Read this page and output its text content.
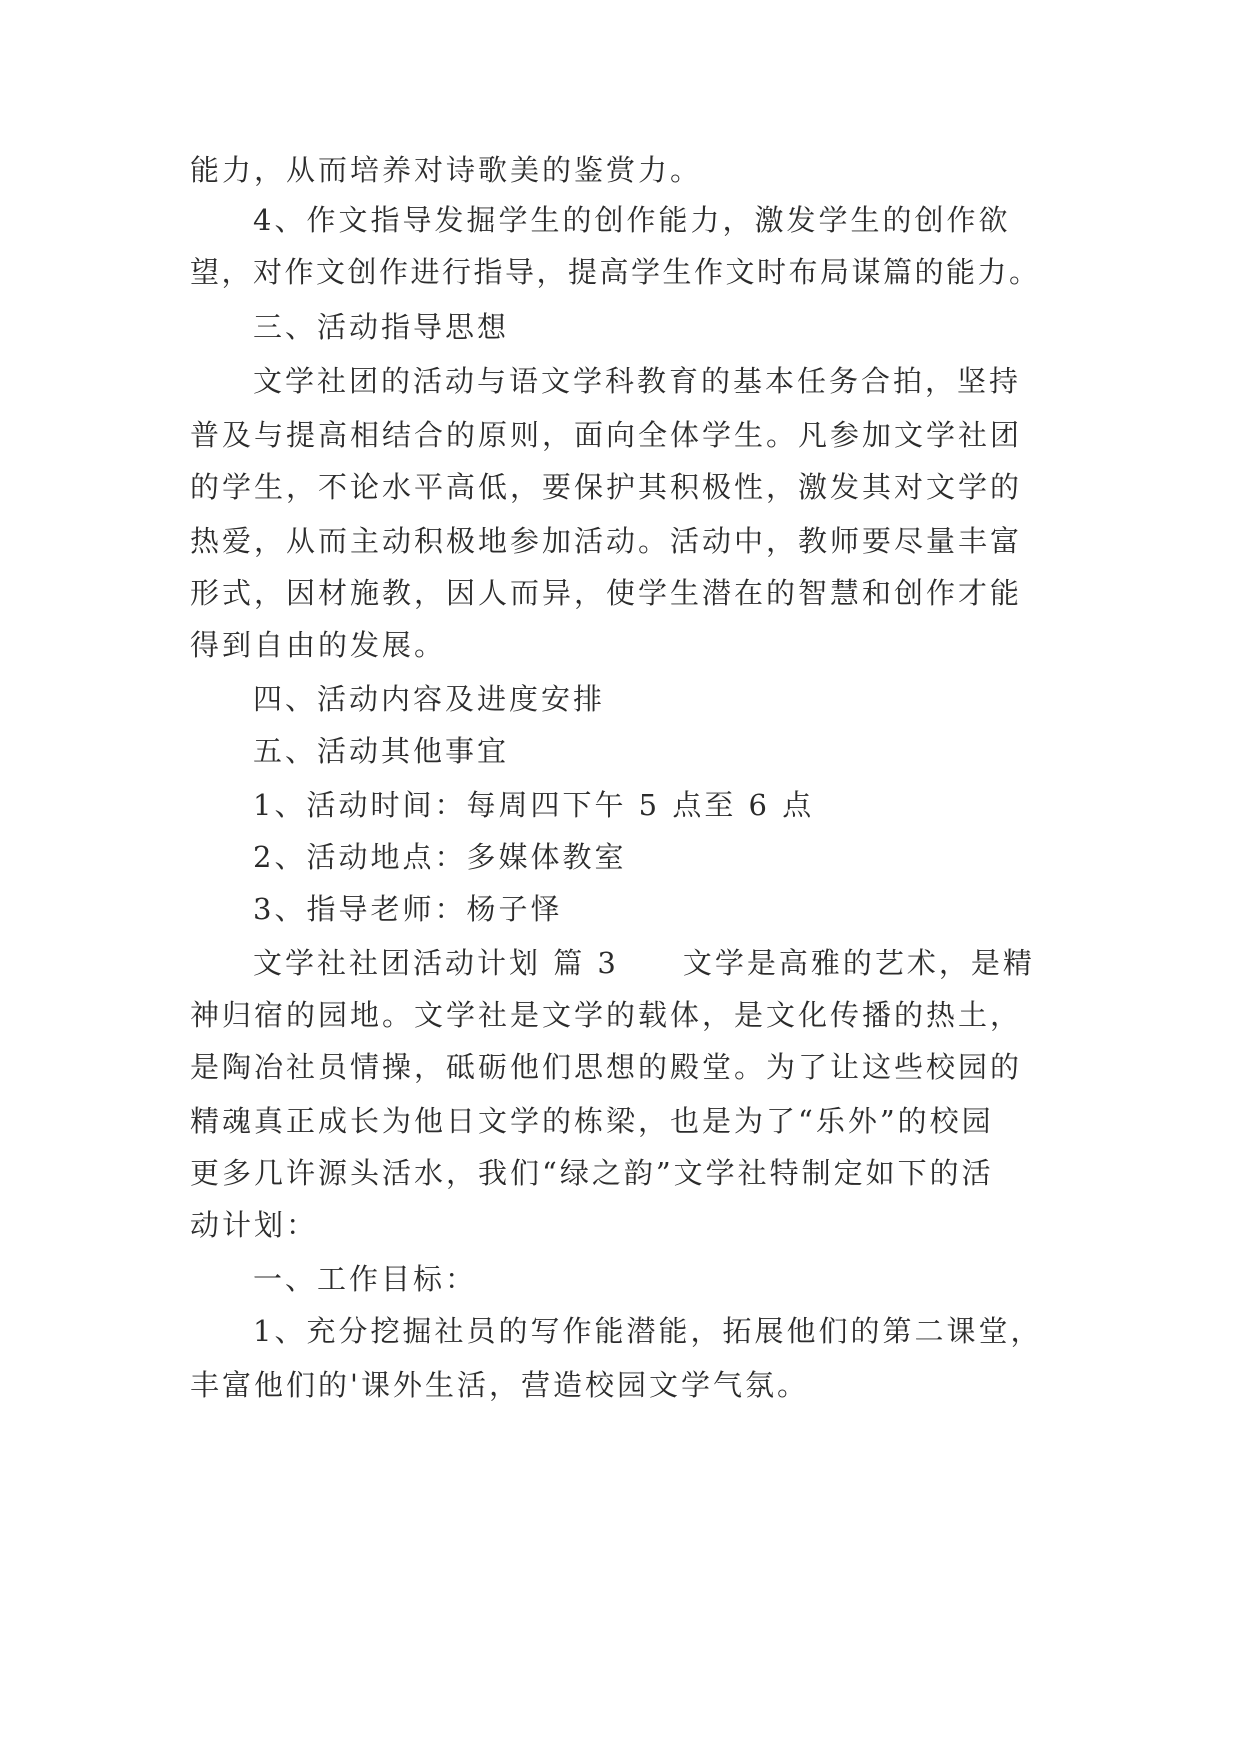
能力，从而培养对诗歌美的鉴赏力。
4、作文指导发掘学生的创作能力，激发学生的创作欲
望，对作文创作进行指导，提高学生作文时布局谋篇的能力。
三、活动指导思想
文学社团的活动与语文学科教育的基本任务合拍，坚持
普及与提高相结合的原则，面向全体学生。凡参加文学社团
的学生，不论水平高低，要保护其积极性，激发其对文学的
热爱，从而主动积极地参加活动。活动中，教师要尽量丰富
形式，因材施教，因人而异，使学生潜在的智慧和创作才能
得到自由的发展。
四、活动内容及进度安排
五、活动其他事宜
1、活动时间：每周四下午 5 点至 6 点
2、活动地点：多媒体教室
3、指导老师：杨子怿
文学社社团活动计划 篇 3　　文学是高雅的艺术，是精
神归宿的园地。文学社是文学的载体，是文化传播的热土，
是陶冶社员情操，砥砺他们思想的殿堂。为了让这些校园的
精魂真正成长为他日文学的栋梁，也是为了“乐外”的校园
更多几许源头活水，我们“绿之韵”文学社特制定如下的活
动计划：
一、工作目标：
1、充分挖掘社员的写作能潜能，拓展他们的第二课堂，
丰富他们的'课外生活，营造校园文学气氛。
